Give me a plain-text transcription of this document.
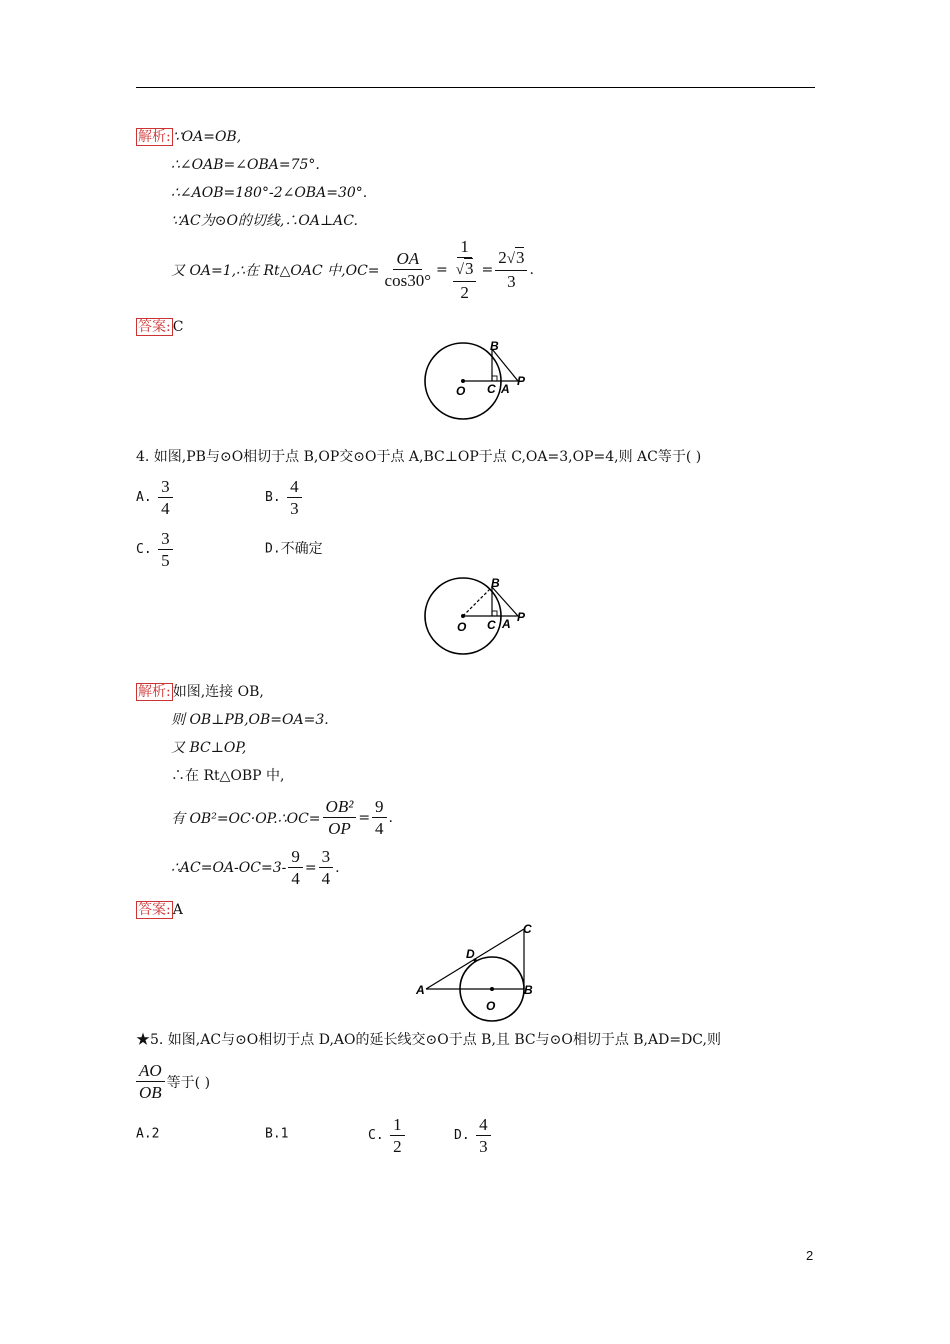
解析: ∵OA=OB,
∴∠OAB=∠OBA=75°.
∴∠AOB=180°-2∠OBA=30°.
∵AC为⊙O的切线,∴OA⊥AC.
又 OA=1,∴在 Rt△OAC 中$,OC= \frac{OA}{\cos 30^\circ} = \frac{1}{\frac{√3}{2}} = \frac{2√3}{3}$ .
答案: C
B
O C A
P
4. 如图,PB与⊙O相切于点 B,OP交⊙O于点 A,BC⊥OP于点 C,OA=3,OP=4,则 AC等于( )
A. $\frac{3}{4}$	B. $\frac{4}{3}$
C. $\frac{3}{5}$	D.不确定
B
O C A P
解析: 如图,连接 OB,
则 OB⊥PB,OB=OA=3.
又 BC⊥OP,
∴在 Rt△OBP 中,
有 OB²=OC·OP.∴OC= $\frac{\text{OB²}}{OP} = \frac{9}{4}$ .
∴AC=OA-OC=3- $\frac{9}{4} = \frac{3}{4}$ .
答案: A
C
D
A
O
B
★5. 如图,AC与⊙O相切于点 D,AO的延长线交⊙O于点 B,且 BC与⊙O相切于点 B,AD=DC,则
$\frac{AO}{OB}$ 等于( )
A.2	B.1	C. $\frac{1}{2}$	D. $\frac{4}{3}$
2
